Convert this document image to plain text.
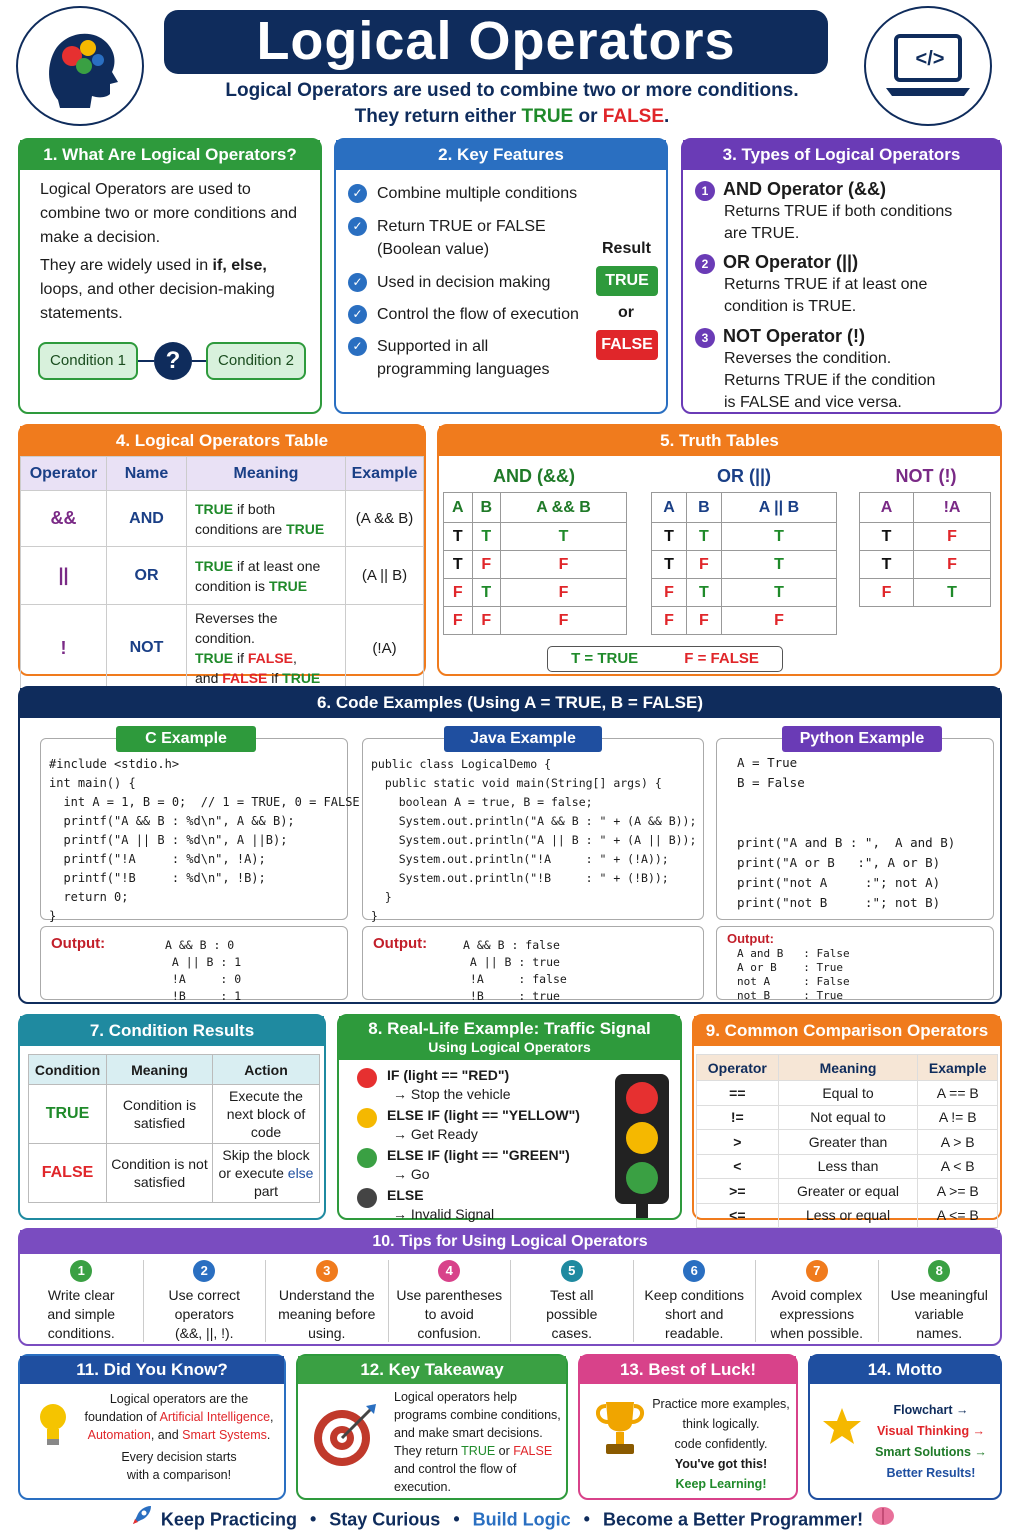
Logical Operators
Logical Operators are used to combine two or more conditions.
They return either TRUE or FALSE.
</>
1. What Are Logical Operators?

Logical Operators are used to combine two or more conditions and make a decision.

They are widely used in if, else, loops, and other decision-making statements.

Condition 1	?	Condition 2
2. Key Features
✓ Combine multiple conditions
✓ Return TRUE or FALSE
(Boolean value)
✓ Used in decision making
✓ Control the flow of execution
✓ Supported in all
programming languages
Result
TRUE
or
FALSE
3. Types of Logical Operators
1 AND Operator (&&)
Returns TRUE if both conditions
are TRUE.
2 OR Operator (||)
Returns TRUE if at least one
condition is TRUE.
3 NOT Operator (!)
Reverses the condition.
Returns TRUE if the condition
is FALSE and vice versa.
4. Logical Operators Table
Operator	Name	Meaning	Example
&&	AND	TRUE if both
conditions are TRUE	(A && B)
||	OR	TRUE if at least one
condition is TRUE	(A || B)
!	NOT	Reverses the condition.
TRUE if FALSE,
and FALSE if TRUE	(!A)
5. Truth Tables
AND (&&)	OR (||)	NOT (!)
A	B	A && B
T	T	T
T	F	F
F	T	F
F	F	F
A	B	A || B
T	T	T
T	F	T
F	T	T
F	F	F
A	!A
T	F
T	F
F	T
T = TRUE	F = FALSE
6. Code Examples (Using A = TRUE, B = FALSE)
#include <stdio.h>
int main() {
int A = 1, B = 0;  // 1 = TRUE, 0 = FALSE
printf("A && B : %d\n", A && B);
printf("A || B : %d\n", A ||B);
printf("!A     : %d\n", !A);
printf("!B     : %d\n", !B);
return 0;
}
Output:	A && B : 0
A || B : 1
!A     : 0
!B     : 1
C Example
public class LogicalDemo {
public static void main(String[] args) {
boolean A = true, B = false;
System.out.println("A && B : " + (A && B));
System.out.println("A || B : " + (A || B));
System.out.println("!A     : " + (!A));
System.out.println("!B     : " + (!B));
}
}
Output:	A && B : false
A || B : true
!A     : false
!B     : true
Java Example
A = True
B = False

print("A and B : ",  A and B)
print("A or B   :", A or B)
print("not A     :"; not A)
print("not B     :"; not B)
Output:
A and B   : False
A or B    : True
not A     : False
not B     : True
Python Example
7. Condition Results
Condition	Meaning	Action
TRUE	Condition is satisfied	Execute the next block of code
FALSE	Condition is not satisfied	Skip the block or execute else part
8. Real-Life Example: Traffic Signal
Using Logical Operators
IF (light == "RED")
→ Stop the vehicle
ELSE IF (light == "YELLOW")
→ Get Ready
ELSE IF (light == "GREEN")
→ Go
ELSE
→ Invalid Signal
9. Common Comparison Operators
Operator	Meaning	Example
==	Equal to	A == B
!=	Not equal to	A != B
>	Greater than	A > B
<	Less than	A < B
>=	Greater or equal	A >= B
<=	Less or equal	A <= B
10. Tips for Using Logical Operators
1
Write clear
and simple
conditions.
2
Use correct
operators
(&&, ||, !).
3
Understand the
meaning before
using.
4
Use parentheses
to avoid
confusion.
5
Test all
possible
cases.
6
Keep conditions
short and
readable.
7
Avoid complex
expressions
when possible.
8
Use meaningful
variable
names.
11. Did You Know?
Logical operators are the
foundation of Artificial Intelligence,
Automation, and Smart Systems.

Every decision starts
with a comparison!
12. Key Takeaway
Logical operators help
programs combine conditions,
and make smart decisions.
They return TRUE or FALSE
and control the flow of
execution.
13. Best of Luck!
Practice more examples,
think logically.
code confidently.
You've got this!
Keep Learning!
14. Motto
Flowchart →
Visual Thinking →
Smart Solutions →
Better Results!
Keep Practicing • Stay Curious • Build Logic • Become a Better Programmer!
